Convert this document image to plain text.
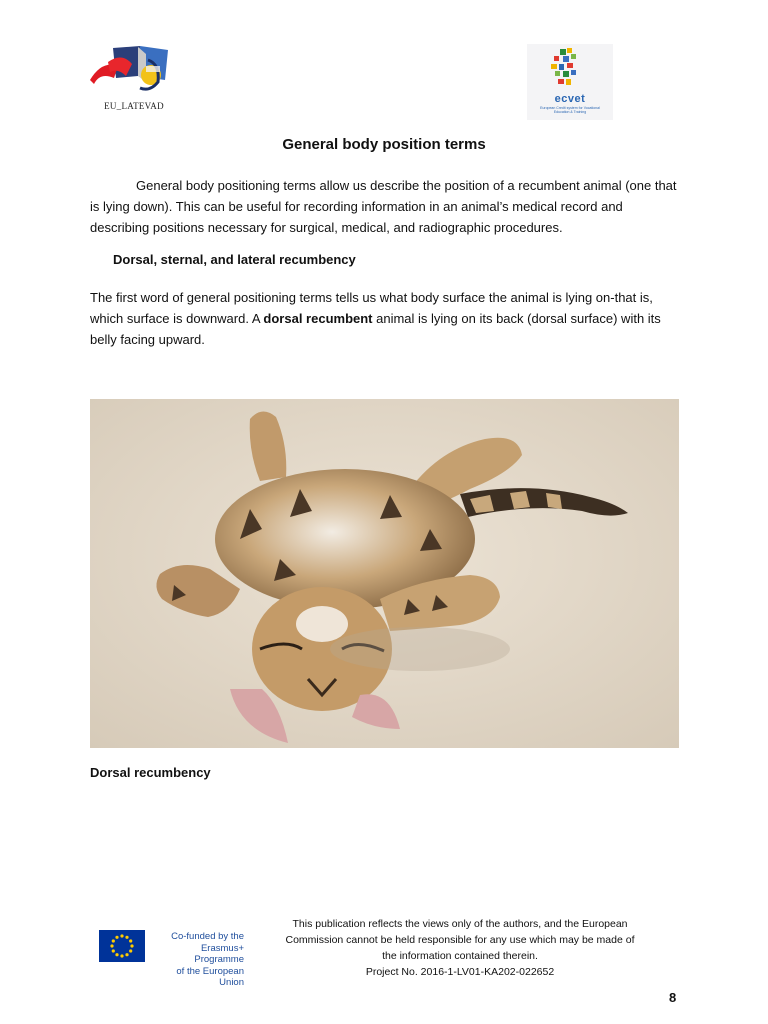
EU_LATEVAD
ecvet
European Credit system for Vocational Education & Training
General body position terms
General body positioning terms allow us describe the position of a recumbent animal (one that is lying down). This can be useful for recording information in an animal’s medical record and describing positions necessary for surgical, medical, and radiographic procedures.
Dorsal, sternal, and lateral recumbency
The first word of general positioning terms tells us what body surface the animal is lying on-that is, which surface is downward. A dorsal recumbent animal is lying on its back (dorsal surface) with its belly facing upward.
Dorsal recumbency
Co-funded by the
Erasmus+ Programme
of the European Union
This publication reflects the views only of the authors, and the European
Commission cannot be held responsible for any use which may be made of
the information contained therein.
Project No. 2016-1-LV01-KA202-022652
8
